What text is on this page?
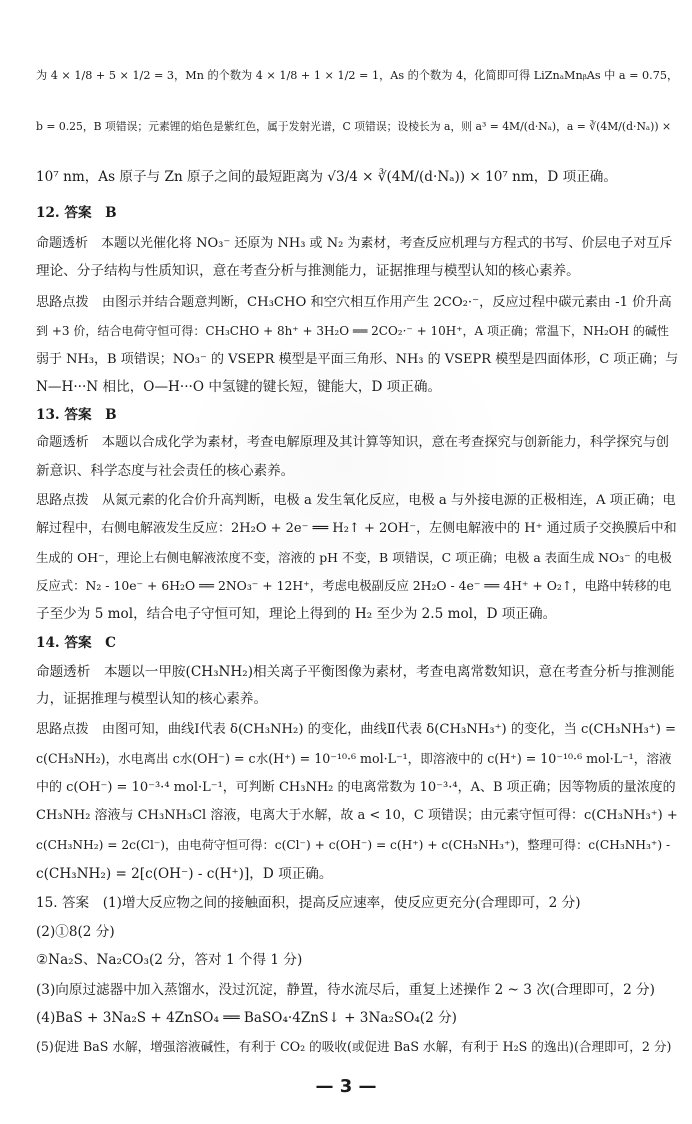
为 4 × 1/8 + 5 × 1/2 = 3，Mn 的个数为 4 × 1/8 + 1 × 1/2 = 1，As 的个数为 4，化简即可得 LiZnₐMnᵦAs 中 a = 0.75，
b = 0.25，B 项错误；元素锂的焰色是紫红色，属于发射光谱，C 项错误；设棱长为 a，则 a³ = 4M/(d·Nₐ)，a = ∛(4M/(d·Nₐ)) ×
10⁷ nm，As 原子与 Zn 原子之间的最短距离为 √3/4 × ∛(4M/(d·Nₐ)) × 10⁷ nm，D 项正确。
12. 答案　B
命题透析　本题以光催化将 NO₃⁻ 还原为 NH₃ 或 N₂ 为素材，考查反应机理与方程式的书写、价层电子对互斥
理论、分子结构与性质知识，意在考查分析与推测能力，证据推理与模型认知的核心素养。
思路点拨　由图示并结合题意判断，CH₃CHO 和空穴相互作用产生 2CO₂·⁻，反应过程中碳元素由 -1 价升高
到 +3 价，结合电荷守恒可得：CH₃CHO + 8h⁺ + 3H₂O ══ 2CO₂·⁻ + 10H⁺，A 项正确；常温下，NH₂OH 的碱性
弱于 NH₃，B 项错误；NO₃⁻ 的 VSEPR 模型是平面三角形、NH₃ 的 VSEPR 模型是四面体形，C 项正确；与
N—H···N 相比，O—H···O 中氢键的键长短，键能大，D 项正确。
13. 答案　B
命题透析　本题以合成化学为素材，考查电解原理及其计算等知识，意在考查探究与创新能力，科学探究与创
新意识、科学态度与社会责任的核心素养。
思路点拨　从氮元素的化合价升高判断，电极 a 发生氧化反应，电极 a 与外接电源的正极相连，A 项正确；电
解过程中，右侧电解液发生反应：2H₂O + 2e⁻ ══ H₂↑ + 2OH⁻，左侧电解液中的 H⁺ 通过质子交换膜后中和
生成的 OH⁻，理论上右侧电解液浓度不变，溶液的 pH 不变，B 项错误，C 项正确；电极 a 表面生成 NO₃⁻ 的电极
反应式：N₂ - 10e⁻ + 6H₂O ══ 2NO₃⁻ + 12H⁺，考虑电极副反应 2H₂O - 4e⁻ ══ 4H⁺ + O₂↑，电路中转移的电
子至少为 5 mol，结合电子守恒可知，理论上得到的 H₂ 至少为 2.5 mol，D 项正确。
14. 答案　C
命题透析　本题以一甲胺(CH₃NH₂)相关离子平衡图像为素材，考查电离常数知识，意在考查分析与推测能
力，证据推理与模型认知的核心素养。
思路点拨　由图可知，曲线Ⅰ代表 δ(CH₃NH₂) 的变化，曲线Ⅱ代表 δ(CH₃NH₃⁺) 的变化，当 c(CH₃NH₃⁺) =
c(CH₃NH₂)，水电离出 c水(OH⁻) = c水(H⁺) = 10⁻¹⁰·⁶ mol·L⁻¹，即溶液中的 c(H⁺) = 10⁻¹⁰·⁶ mol·L⁻¹，溶液
中的 c(OH⁻) = 10⁻³·⁴ mol·L⁻¹，可判断 CH₃NH₂ 的电离常数为 10⁻³·⁴，A、B 项正确；因等物质的量浓度的
CH₃NH₂ 溶液与 CH₃NH₃Cl 溶液，电离大于水解，故 a < 10，C 项错误；由元素守恒可得：c(CH₃NH₃⁺) +
c(CH₃NH₂) = 2c(Cl⁻)，由电荷守恒可得：c(Cl⁻) + c(OH⁻) = c(H⁺) + c(CH₃NH₃⁺)，整理可得：c(CH₃NH₃⁺) -
c(CH₃NH₂) = 2[c(OH⁻) - c(H⁺)]，D 项正确。
15. 答案　(1)增大反应物之间的接触面积，提高反应速率，使反应更充分(合理即可，2 分)
(2)①8(2 分)
②Na₂S、Na₂CO₃(2 分，答对 1 个得 1 分)
(3)向原过滤器中加入蒸馏水，没过沉淀，静置，待水流尽后，重复上述操作 2 ~ 3 次(合理即可，2 分)
(4)BaS + 3Na₂S + 4ZnSO₄ ══ BaSO₄·4ZnS↓ + 3Na₂SO₄(2 分)
(5)促进 BaS 水解，增强溶液碱性，有利于 CO₂ 的吸收(或促进 BaS 水解，有利于 H₂S 的逸出)(合理即可，2 分)
— 3 —
